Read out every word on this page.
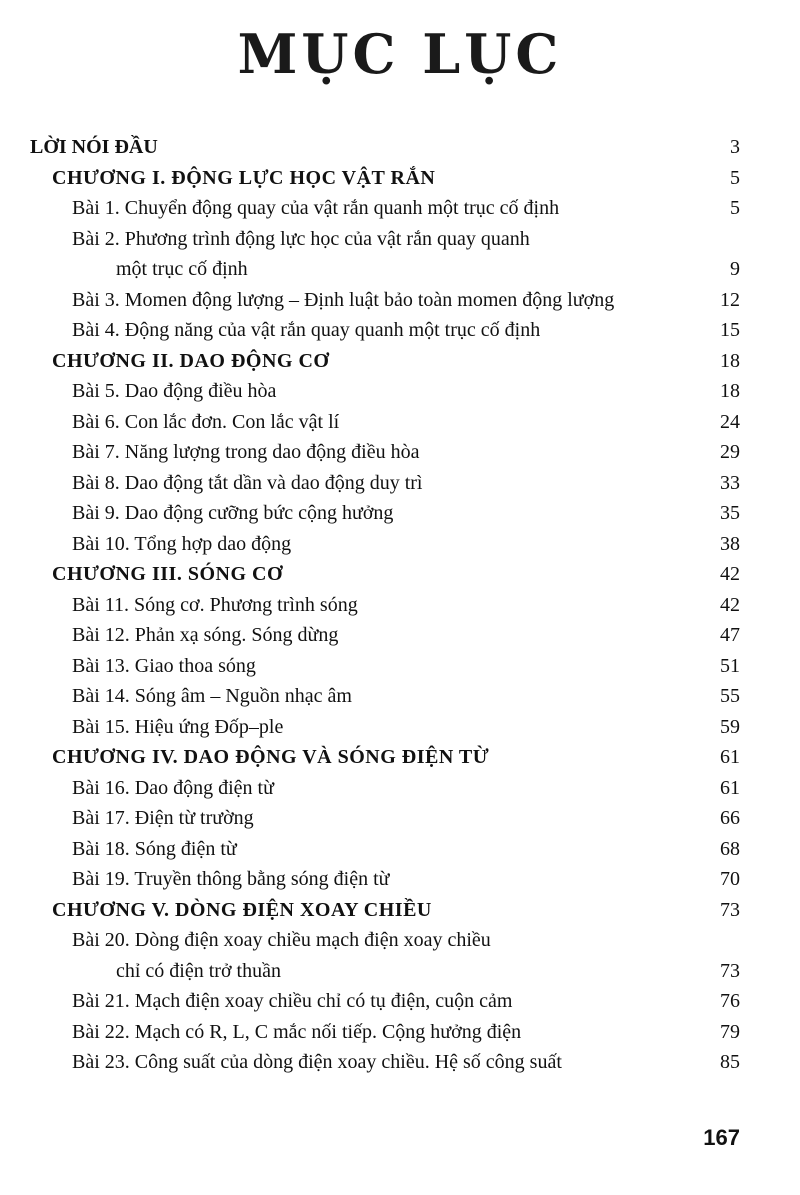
MỤC LỤC
LỜI NÓI ĐẦU	3
CHƯƠNG I. ĐỘNG LỰC HỌC VẬT RẮN	5
Bài 1. Chuyển động quay của vật rắn quanh một trục cố định	5
Bài 2. Phương trình động lực học của vật rắn quay quanh
một trục cố định	9
Bài 3. Momen động lượng – Định luật bảo toàn momen động lượng	12
Bài 4. Động năng của vật rắn quay quanh một trục cố định	15
CHƯƠNG II. DAO ĐỘNG CƠ	18
Bài 5. Dao động điều hòa	18
Bài 6. Con lắc đơn. Con lắc vật lí	24
Bài 7. Năng lượng trong dao động điều hòa	29
Bài 8. Dao động tắt dần và dao động duy trì	33
Bài 9. Dao động cưỡng bức cộng hưởng	35
Bài 10. Tổng hợp dao động	38
CHƯƠNG III. SÓNG CƠ	42
Bài 11. Sóng cơ. Phương trình sóng	42
Bài 12. Phản xạ sóng. Sóng dừng	47
Bài 13. Giao thoa sóng	51
Bài 14. Sóng âm – Nguồn nhạc âm	55
Bài 15. Hiệu ứng Đốp–ple	59
CHƯƠNG IV. DAO ĐỘNG VÀ SÓNG ĐIỆN TỪ	61
Bài 16. Dao động điện từ	61
Bài 17. Điện từ trường	66
Bài 18. Sóng điện từ	68
Bài 19. Truyền thông bằng sóng điện từ	70
CHƯƠNG V. DÒNG ĐIỆN XOAY CHIỀU	73
Bài 20. Dòng điện xoay chiều mạch điện xoay chiều
chỉ có điện trở thuần	73
Bài 21. Mạch điện xoay chiều chỉ có tụ điện, cuộn cảm	76
Bài 22. Mạch có R, L, C mắc nối tiếp. Cộng hưởng điện	79
Bài 23. Công suất của dòng điện xoay chiều. Hệ số công suất	85
167
